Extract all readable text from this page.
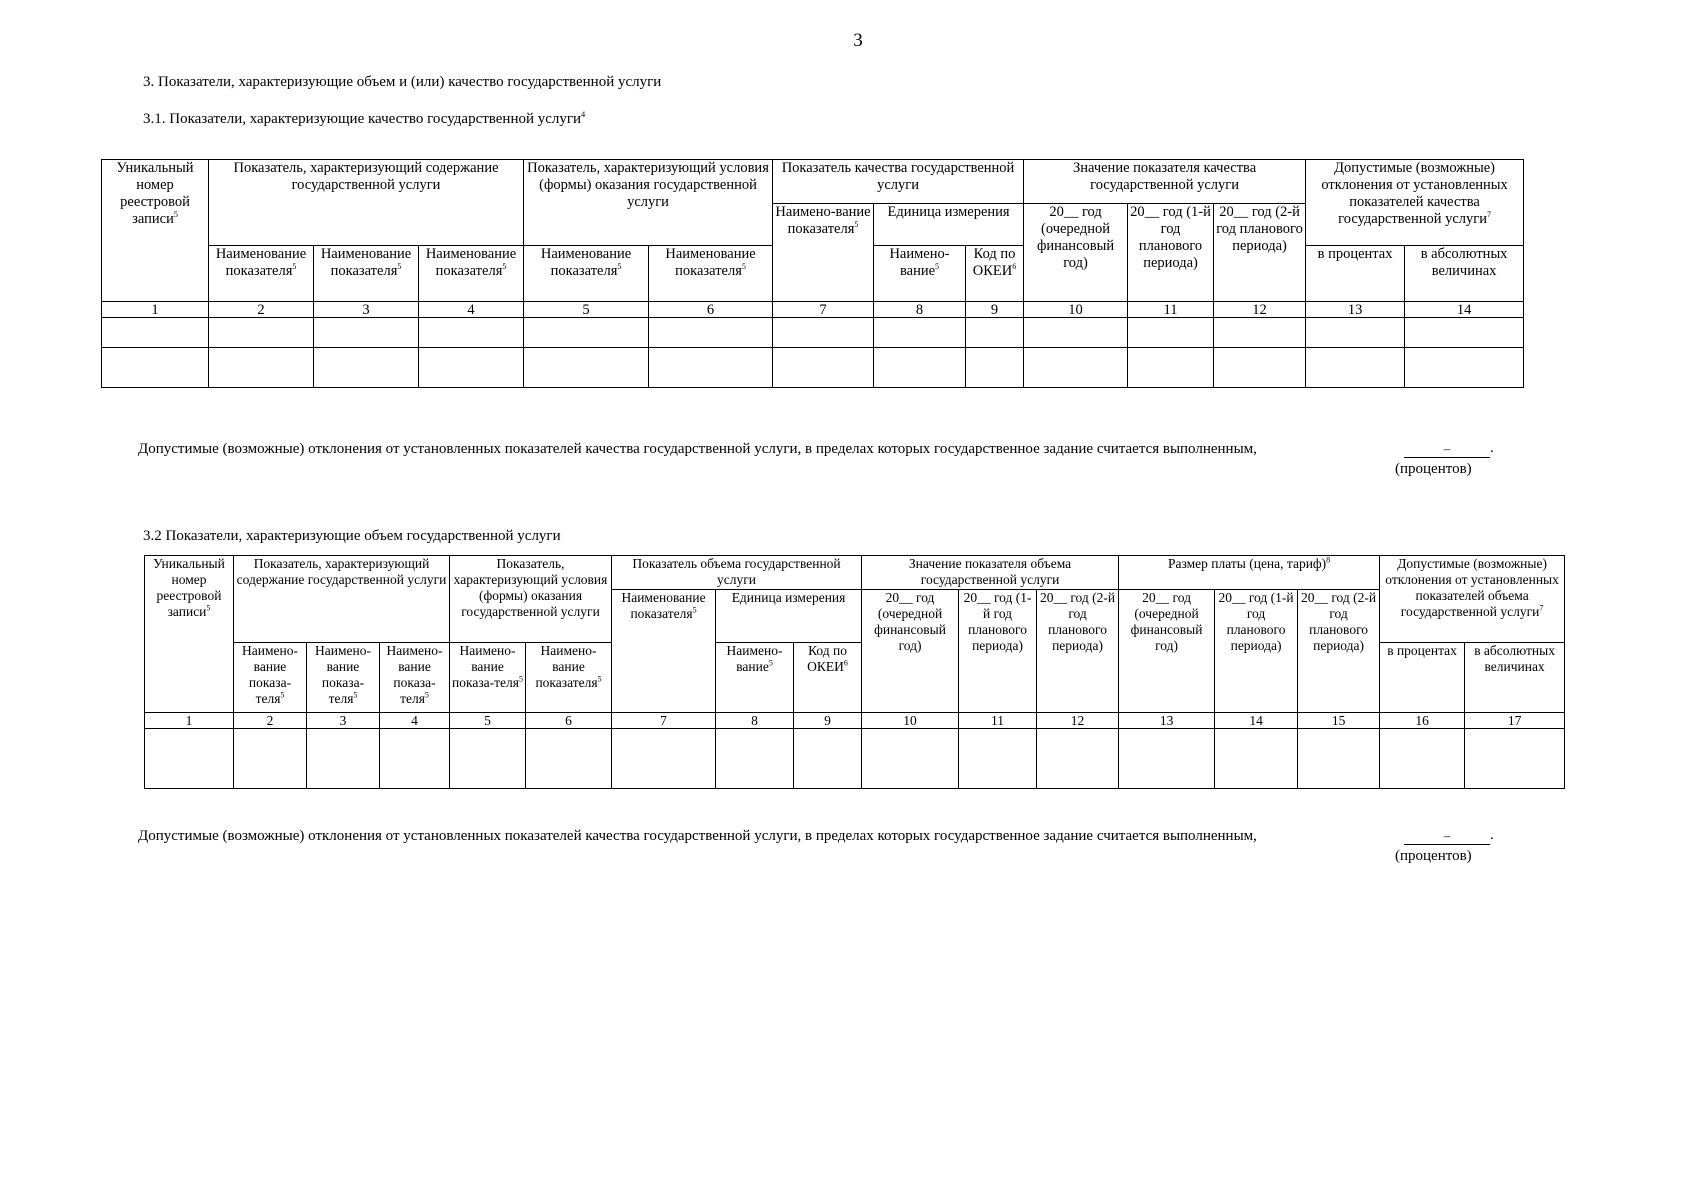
3
3. Показатели, характеризующие объем и (или) качество государственной услуги
3.1. Показатели, характеризующие качество государственной услуги$^4$
Уникальный номер реестровой записи$^5$	Показатель, характеризующий содержание государственной услуги			Показатель, характеризующий условия (формы) оказания государственной услуги		Показатель качества государственной услуги			Значение показателя качества государственной услуги			Допустимые (возможные) отклонения от установленных показателей качества государственной услуги$^7$
						Наимено-вание показателя$^5$	Единица измерения		20__ год (очередной финансовый год)	20__ год (1-й год планового периода)	20__ год (2-й год планового периода)		
	Наименование показателя$^5$	Наименование показателя$^5$	Наименование показателя$^5$	Наименование показателя$^5$	Наименование показателя$^5$		Наимено-вание$^5$	Код по ОКЕИ$^6$				в процентах	в абсолютных величинах
1	2	3	4	5	6	7	8	9	10	11	12	13	14

Допустимые (возможные) отклонения от установленных показателей качества государственной услуги, в пределах которых государственное задание считается выполненным,	–	.
(процентов)
3.2 Показатели, характеризующие объем государственной услуги
Уникальный номер реестровой записи$^5$	Показатель, характеризующий содержание государственной услуги			Показатель, характеризующий условия (формы) оказания государственной услуги		Показатель объема государственной услуги			Значение показателя объема государственной услуги			Размер платы (цена, тариф)$^8$			Допустимые (возможные) отклонения от установленных показателей объема государственной услуги$^7$
						Наименование показателя$^5$	Единица измерения		20__ год (очередной финансовый год)	20__ год (1-й год планового периода)	20__ год (2-й год планового периода)	20__ год (очередной финансовый год)	20__ год (1-й год планового периода)	20__ год (2-й год планового периода)		
	Наимено-вание показа-теля$^5$	Наимено-вание показа-теля$^5$	Наимено-вание показа-теля$^5$	Наимено-вание показа-теля$^5$	Наимено-вание показателя$^5$		Наимено-вание$^5$	Код по ОКЕИ$^6$							в процентах	в абсолютных величинах
1	2	3	4	5	6	7	8	9	10	11	12	13	14	15	16	17

Допустимые (возможные) отклонения от установленных показателей качества государственной услуги, в пределах которых государственное задание считается выполненным,	–	.
(процентов)
